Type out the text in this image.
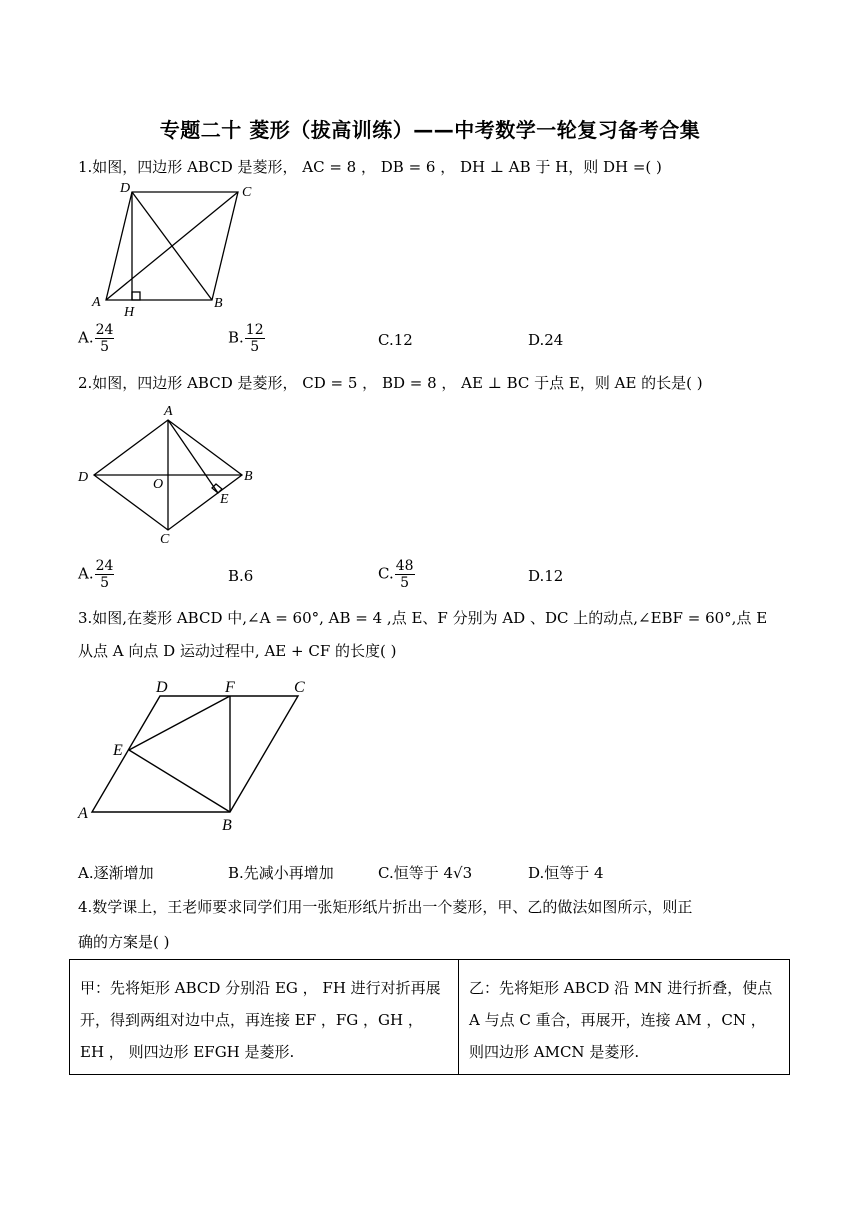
专题二十 菱形（拔高训练）——中考数学一轮复习备考合集
1.如图，四边形 ABCD 是菱形， AC = 8 ， DB = 6 ， DH ⊥ AB 于 H，则 DH =( )
D	C
A
H
B
A. $\frac{24}{5}$	B. $\frac{12}{5}$	C.12	D.24
2.如图，四边形 ABCD 是菱形， CD = 5 ， BD = 8 ， AE ⊥ BC 于点 E，则 AE 的长是( )
A
D	O
B
E
C
A. $\frac{24}{5}$	B.6	C. $\frac{48}{5}$	D.12
3.如图,在菱形 ABCD 中,∠A = 60°, AB = 4 ,点 E、F 分别为 AD 、DC 上的动点,∠EBF = 60°,点 E
从点 A 向点 D 运动过程中, AE + CF 的长度( )
D	F	C
E
A
B
A.逐渐增加	B.先减小再增加	C.恒等于 4√3	D.恒等于 4
4.数学课上，王老师要求同学们用一张矩形纸片折出一个菱形，甲、乙的做法如图所示，则正
确的方案是( )
甲：先将矩形 ABCD 分别沿 EG ， FH 进行对折再展开，得到两组对边中点，再连接 EF ，FG ，GH ， EH ， 则四边形 EFGH 是菱形.
乙：先将矩形 ABCD 沿 MN 进行折叠，使点 A 与点 C 重合，再展开，连接 AM ，CN ，则四边形 AMCN 是菱形.
